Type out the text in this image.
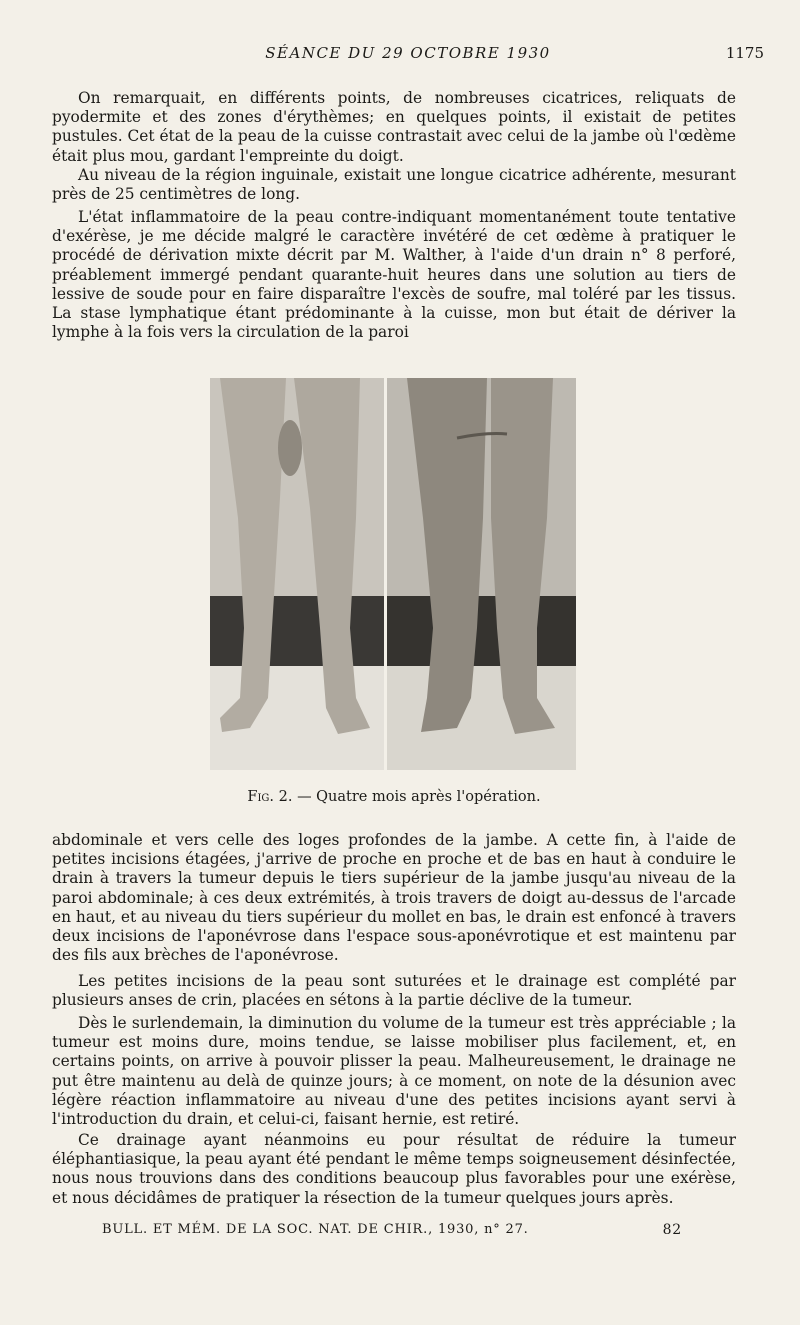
SÉANCE DU 29 OCTOBRE 1930	1175

On remarquait, en différents points, de nombreuses cicatrices, reliquats de pyodermite et des zones d'érythèmes; en quelques points, il existait de petites pustules. Cet état de la peau de la cuisse contrastait avec celui de la jambe où l'œdème était plus mou, gardant l'empreinte du doigt.

Au niveau de la région inguinale, existait une longue cicatrice adhérente, mesurant près de 25 centimètres de long.

L'état inflammatoire de la peau contre-indiquant momentanément toute tentative d'exérèse, je me décide malgré le caractère invétéré de cet œdème à pratiquer le procédé de dérivation mixte décrit par M. Walther, à l'aide d'un drain n° 8 perforé, préablement immergé pendant quarante-huit heures dans une solution au tiers de lessive de soude pour en faire disparaître l'excès de soufre, mal toléré par les tissus. La stase lymphatique étant prédominante à la cuisse, mon but était de dériver la lymphe à la fois vers la circulation de la paroi

Fig. 2. — Quatre mois après l'opération.

abdominale et vers celle des loges profondes de la jambe. A cette fin, à l'aide de petites incisions étagées, j'arrive de proche en proche et de bas en haut à conduire le drain à travers la tumeur depuis le tiers supérieur de la jambe jusqu'au niveau de la paroi abdominale; à ces deux extrémités, à trois travers de doigt au-dessus de l'arcade en haut, et au niveau du tiers supérieur du mollet en bas, le drain est enfoncé à travers deux incisions de l'aponévrose dans l'espace sous-aponévrotique et est maintenu par des fils aux brèches de l'aponévrose.

Les petites incisions de la peau sont suturées et le drainage est complété par plusieurs anses de crin, placées en sétons à la partie déclive de la tumeur.

Dès le surlendemain, la diminution du volume de la tumeur est très appréciable ; la tumeur est moins dure, moins tendue, se laisse mobiliser plus facilement, et, en certains points, on arrive à pouvoir plisser la peau. Malheureusement, le drainage ne put être maintenu au delà de quinze jours; à ce moment, on note de la désunion avec légère réaction inflammatoire au niveau d'une des petites incisions ayant servi à l'introduction du drain, et celui-ci, faisant hernie, est retiré.

Ce drainage ayant néanmoins eu pour résultat de réduire la tumeur éléphantiasique, la peau ayant été pendant le même temps soigneusement désinfectée, nous nous trouvions dans des conditions beaucoup plus favorables pour une exérèse, et nous décidâmes de pratiquer la résection de la tumeur quelques jours après.

BULL. ET MÉM. DE LA SOC. NAT. DE CHIR., 1930, n° 27.	82
